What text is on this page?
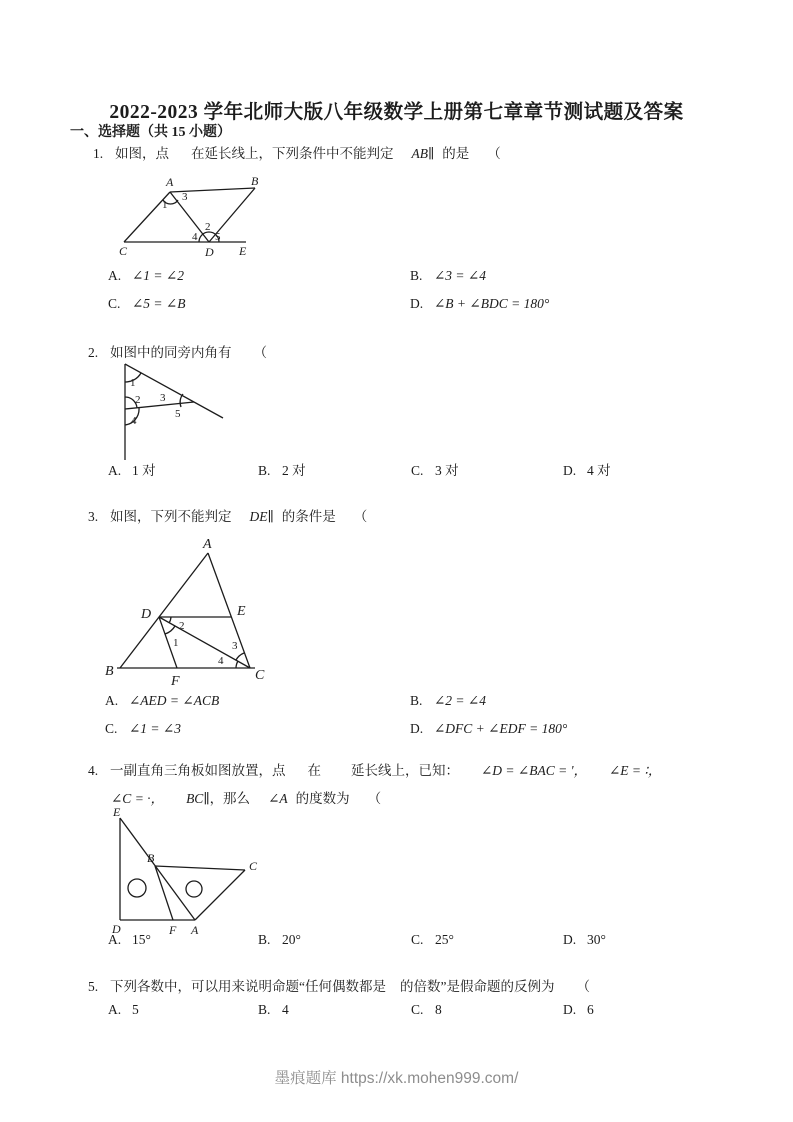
2022-2023 学年北师大版八年级数学上册第七章章节测试题及答案
一、选择题（共 15 小题）
1. 如图，点 在延长线上，下列条件中不能判定 AB∥ 的是 （
A	B
C	D E
1
3
2
4 5
A. ∠1 = ∠2	B. ∠3 = ∠4
C. ∠5 = ∠B	D. ∠B + ∠BDC = 180°
2. 如图中的同旁内角有 （
1
2 3
4
5
A. 1 对	B. 2 对	C. 3 对	D. 4 对
3. 如图，下列不能判定 DE∥ 的条件是 （
A
B	C
D	E
F
1
2
3
4
A. ∠AED = ∠ACB	B. ∠2 = ∠4
C. ∠1 = ∠3	D. ∠DFC + ∠EDF = 180°
4. 一副直角三角板如图放置，点 在 延长线上，已知： ∠D = ∠BAC = '， ∠E = ∶，
∠C = ·， BC∥，那么 ∠A 的度数为 （
E
B
C
D	F A
A. 15°	B. 20°	C. 25°	D. 30°
5. 下列各数中，可以用来说明命题“任何偶数都是 的倍数”是假命题的反例为 （
A. 5	B. 4	C. 8	D. 6
墨痕题库 https://xk.mohen999.com/
